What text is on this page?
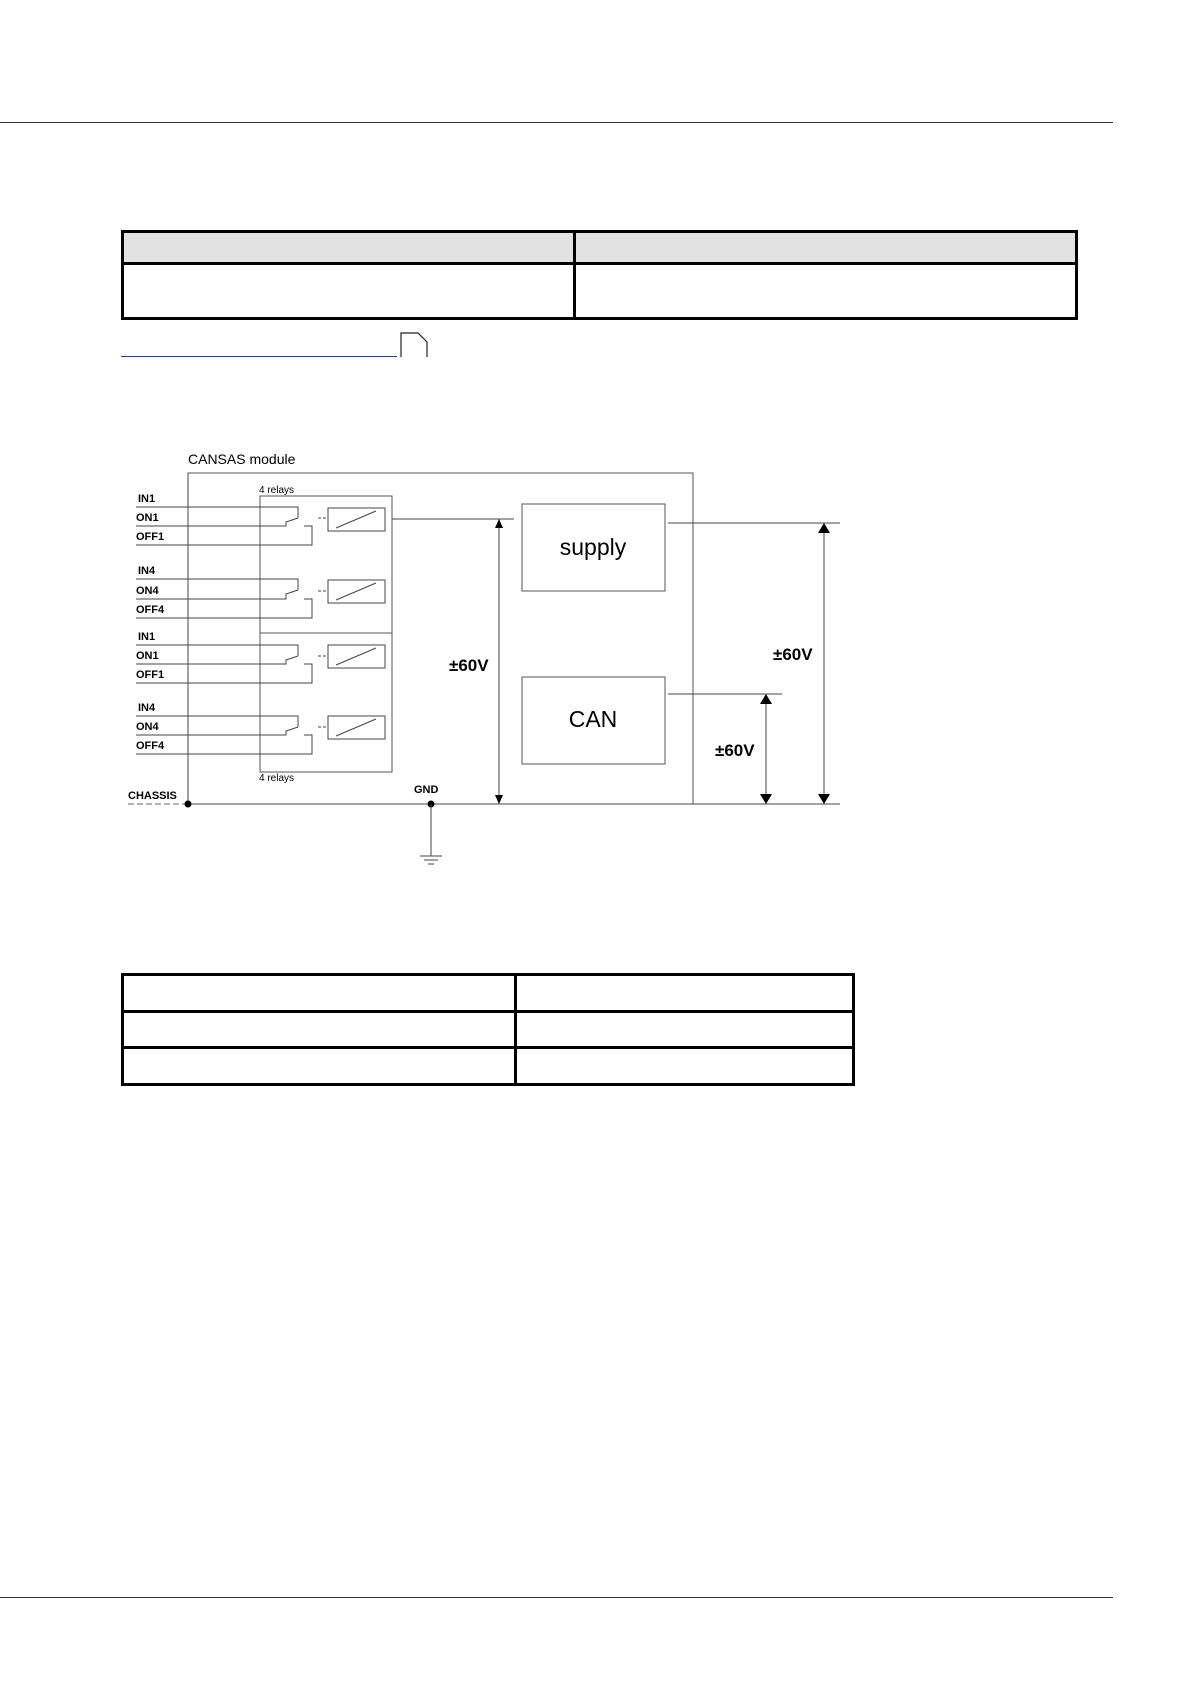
CANSAS module
4 relays
4 relays
IN1
ON1
OFF1
IN4
ON4
OFF4
IN1
ON1
OFF1
IN4
ON4
OFF4
CHASSIS	GND
±60V
supply
CAN
±60V
±60V
